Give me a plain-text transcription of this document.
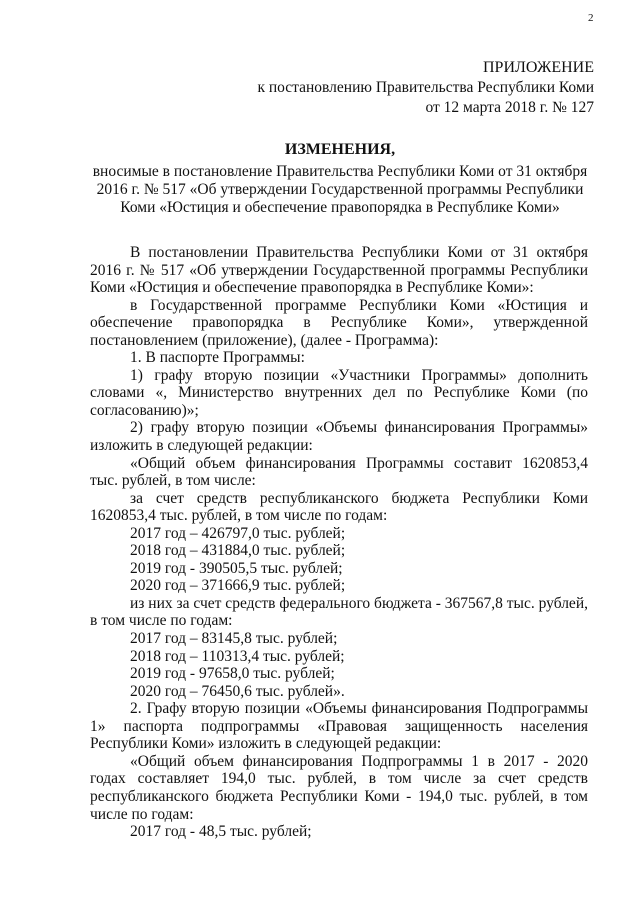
2
ПРИЛОЖЕНИЕ
к постановлению Правительства Республики Коми
от 12 марта 2018 г. № 127
ИЗМЕНЕНИЯ,
вносимые в постановление Правительства Республики Коми от 31 октября 2016 г. № 517 «Об утверждении Государственной программы Республики Коми «Юстиция и обеспечение правопорядка в Республике Коми»

В постановлении Правительства Республики Коми от 31 октября 2016 г. № 517 «Об утверждении Государственной программы Республики Коми «Юстиция и обеспечение правопорядка в Республике Коми»:

в Государственной программе Республики Коми «Юстиция и обеспечение правопорядка в Республике Коми», утвержденной постановлением (приложение), (далее - Программа):

1. В паспорте Программы:

1) графу вторую позиции «Участники Программы» дополнить словами «, Министерство внутренних дел по Республике Коми (по согласованию)»;

2) графу вторую позиции «Объемы финансирования Программы» изложить в следующей редакции:

«Общий объем финансирования Программы составит 1620853,4 тыс. рублей, в том числе:

за счет средств республиканского бюджета Республики Коми 1620853,4 тыс. рублей, в том числе по годам:

2017 год – 426797,0 тыс. рублей;
2018 год – 431884,0 тыс. рублей;
2019 год - 390505,5 тыс. рублей;
2020 год – 371666,9 тыс. рублей;

из них за счет средств федерального бюджета - 367567,8 тыс. рублей, в том числе по годам:

2017 год – 83145,8 тыс. рублей;
2018 год – 110313,4 тыс. рублей;
2019 год - 97658,0 тыс. рублей;
2020 год – 76450,6 тыс. рублей».

2. Графу вторую позиции «Объемы финансирования Подпрограммы 1» паспорта подпрограммы «Правовая защищенность населения Республики Коми» изложить в следующей редакции:

«Общий объем финансирования Подпрограммы 1 в 2017 - 2020 годах составляет 194,0 тыс. рублей, в том числе за счет средств республиканского бюджета Республики Коми - 194,0 тыс. рублей, в том числе по годам:

2017 год - 48,5 тыс. рублей;
